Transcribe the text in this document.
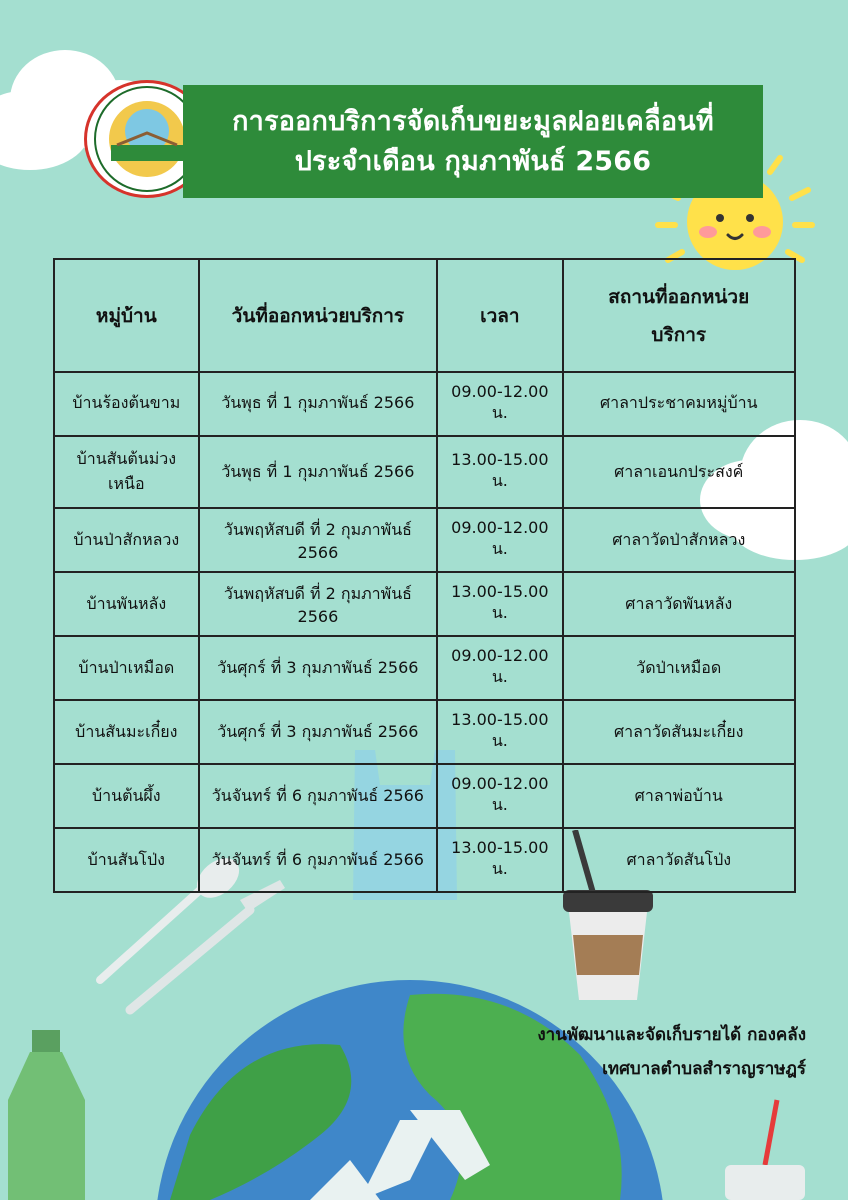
การออกบริการจัดเก็บขยะมูลฝอยเคลื่อนที่
ประจำเดือน กุมภาพันธ์ 2566
หมู่บ้าน	วันที่ออกหน่วยบริการ	เวลา	สถานที่ออกหน่วย บริการ
บ้านร้องต้นขาม	วันพุธ ที่ 1 กุมภาพันธ์ 2566	09.00-12.00 น.	ศาลาประชาคมหมู่บ้าน
บ้านสันต้นม่วงเหนือ	วันพุธ ที่ 1 กุมภาพันธ์ 2566	13.00-15.00 น.	ศาลาเอนกประสงค์
บ้านป่าสักหลวง	วันพฤหัสบดี ที่ 2 กุมภาพันธ์ 2566	09.00-12.00 น.	ศาลาวัดป่าสักหลวง
บ้านพันหลัง	วันพฤหัสบดี ที่ 2 กุมภาพันธ์ 2566	13.00-15.00 น.	ศาลาวัดพันหลัง
บ้านป่าเหมือด	วันศุกร์ ที่ 3 กุมภาพันธ์ 2566	09.00-12.00 น.	วัดป่าเหมือด
บ้านสันมะเกี๋ยง	วันศุกร์ ที่ 3 กุมภาพันธ์ 2566	13.00-15.00 น.	ศาลาวัดสันมะเกี๋ยง
บ้านต้นผึ้ง	วันจันทร์ ที่ 6 กุมภาพันธ์ 2566	09.00-12.00 น.	ศาลาพ่อบ้าน
บ้านสันโป่ง	วันจันทร์ ที่ 6 กุมภาพันธ์ 2566	13.00-15.00 น.	ศาลาวัดสันโป่ง
งานพัฒนาและจัดเก็บรายได้ กองคลัง
เทศบาลตำบลสำราญราษฎร์
